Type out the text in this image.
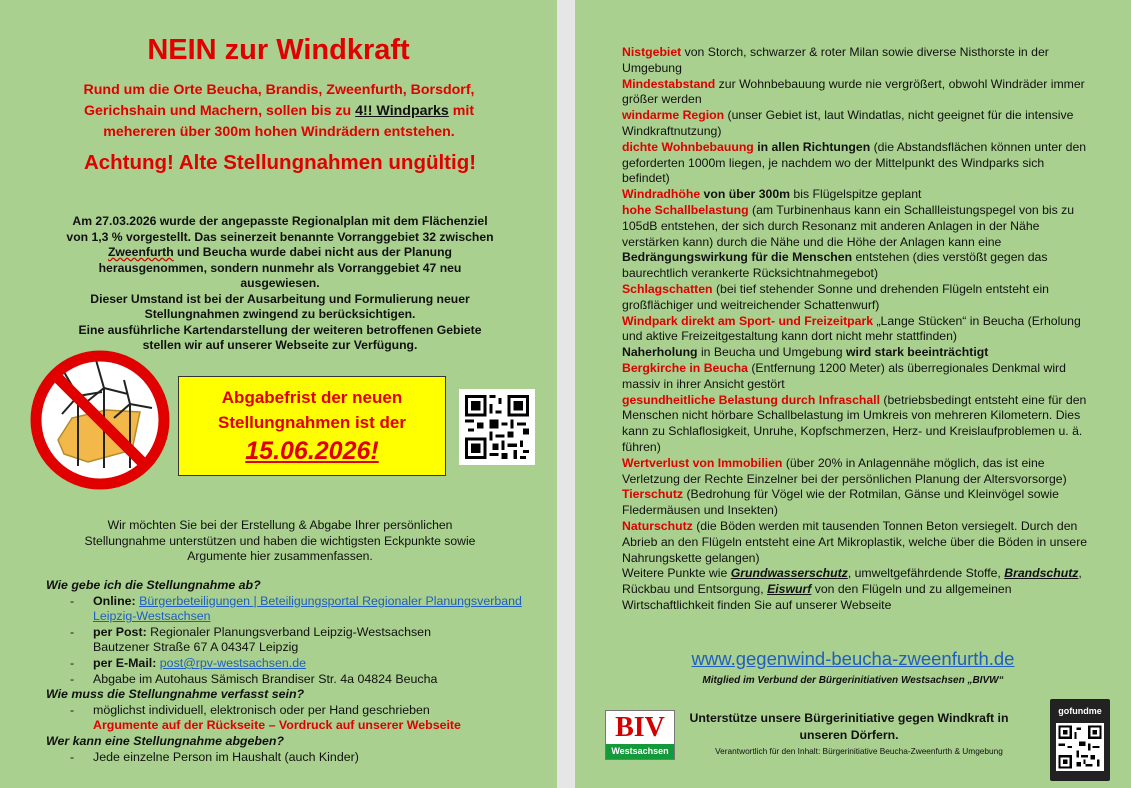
NEIN zur Windkraft
Rund um die Orte Beucha, Brandis, Zweenfurth, Borsdorf, Gerichshain und Machern, sollen bis zu 4!! Windparks mit mehereren über 300m hohen Windrädern entstehen.
Achtung! Alte Stellungnahmen ungültig!
Am 27.03.2026 wurde der angepasste Regionalplan mit dem Flächenziel von 1,3 % vorgestellt. Das seinerzeit benannte Vorranggebiet 32 zwischen Zweenfurth und Beucha wurde dabei nicht aus der Planung herausgenommen, sondern nunmehr als Vorranggebiet 47 neu ausgewiesen.
Dieser Umstand ist bei der Ausarbeitung und Formulierung neuer Stellungnahmen zwingend zu berücksichtigen.
Eine ausführliche Kartendarstellung der weiteren betroffenen Gebiete stellen wir auf unserer Webseite zur Verfügung.
Abgabefrist der neuen
Stellungnahmen ist der
15.06.2026!
Wir möchten Sie bei der Erstellung & Abgabe Ihrer persönlichen Stellungnahme unterstützen und haben die wichtigsten Eckpunkte sowie Argumente hier zusammenfassen.
Wie gebe ich die Stellungnahme ab?
- Online: Bürgerbeteiligungen | Beteiligungsportal Regionaler Planungsverband Leipzig-Westsachsen
- per Post: Regionaler Planungsverband Leipzig-Westsachsen
Bautzener Straße 67 A 04347 Leipzig
- per E-Mail: post@rpv-westsachsen.de
- Abgabe im Autohaus Sämisch Brandiser Str. 4a 04824 Beucha
Wie muss die Stellungnahme verfasst sein?
- möglichst individuell, elektronisch oder per Hand geschrieben
Argumente auf der Rückseite – Vordruck auf unserer Webseite
Wer kann eine Stellungnahme abgeben?
- Jede einzelne Person im Haushalt (auch Kinder)
Nistgebiet von Storch, schwarzer & roter Milan sowie diverse Nisthorste in der Umgebung
Mindestabstand zur Wohnbebauung wurde nie vergrößert, obwohl Windräder immer größer werden
windarme Region (unser Gebiet ist, laut Windatlas, nicht geeignet für die intensive Windkraftnutzung)
dichte Wohnbebauung in allen Richtungen (die Abstandsflächen können unter den geforderten 1000m liegen, je nachdem wo der Mittelpunkt des Windparks sich befindet)
Windradhöhe von über 300m bis Flügelspitze geplant
hohe Schallbelastung (am Turbinenhaus kann ein Schallleistungspegel von bis zu 105dB entstehen, der sich durch Resonanz mit anderen Anlagen in der Nähe verstärken kann) durch die Nähe und die Höhe der Anlagen kann eine Bedrängungswirkung für die Menschen entstehen (dies verstößt gegen das baurechtlich verankerte Rücksichtnahmegebot)
Schlagschatten (bei tief stehender Sonne und drehenden Flügeln entsteht ein großflächiger und weitreichender Schattenwurf)
Windpark direkt am Sport- und Freizeitpark „Lange Stücken“ in Beucha (Erholung und aktive Freizeitgestaltung kann dort nicht mehr stattfinden)
Naherholung in Beucha und Umgebung wird stark beeinträchtigt
Bergkirche in Beucha (Entfernung 1200 Meter) als überregionales Denkmal wird massiv in ihrer Ansicht gestört
gesundheitliche Belastung durch Infraschall (betriebsbedingt entsteht eine für den Menschen nicht hörbare Schallbelastung im Umkreis von mehreren Kilometern. Dies kann zu Schlaflosigkeit, Unruhe, Kopfschmerzen, Herz- und Kreislaufproblemen u. ä. führen)
Wertverlust von Immobilien (über 20% in Anlagennähe möglich, das ist eine Verletzung der Rechte Einzelner bei der persönlichen Planung der Altersvorsorge)
Tierschutz (Bedrohung für Vögel wie der Rotmilan, Gänse und Kleinvögel sowie Fledermäusen und Insekten)
Naturschutz (die Böden werden mit tausenden Tonnen Beton versiegelt. Durch den Abrieb an den Flügeln entsteht eine Art Mikroplastik, welche über die Böden in unsere Nahrungskette gelangen)
Weitere Punkte wie Grundwasserschutz, umweltgefährdende Stoffe, Brandschutz, Rückbau und Entsorgung, Eiswurf von den Flügeln und zu allgemeinen Wirtschaftlichkeit finden Sie auf unserer Webseite
www.gegenwind-beucha-zweenfurth.de
Mitglied im Verbund der Bürgerinitiativen Westsachsen „BIVW“
BIV
Westsachsen
Unterstütze unsere Bürgerinitiative gegen Windkraft in unseren Dörfern.
Verantwortlich für den Inhalt: Bürgerinitiative Beucha-Zweenfurth & Umgebung
gofundme
